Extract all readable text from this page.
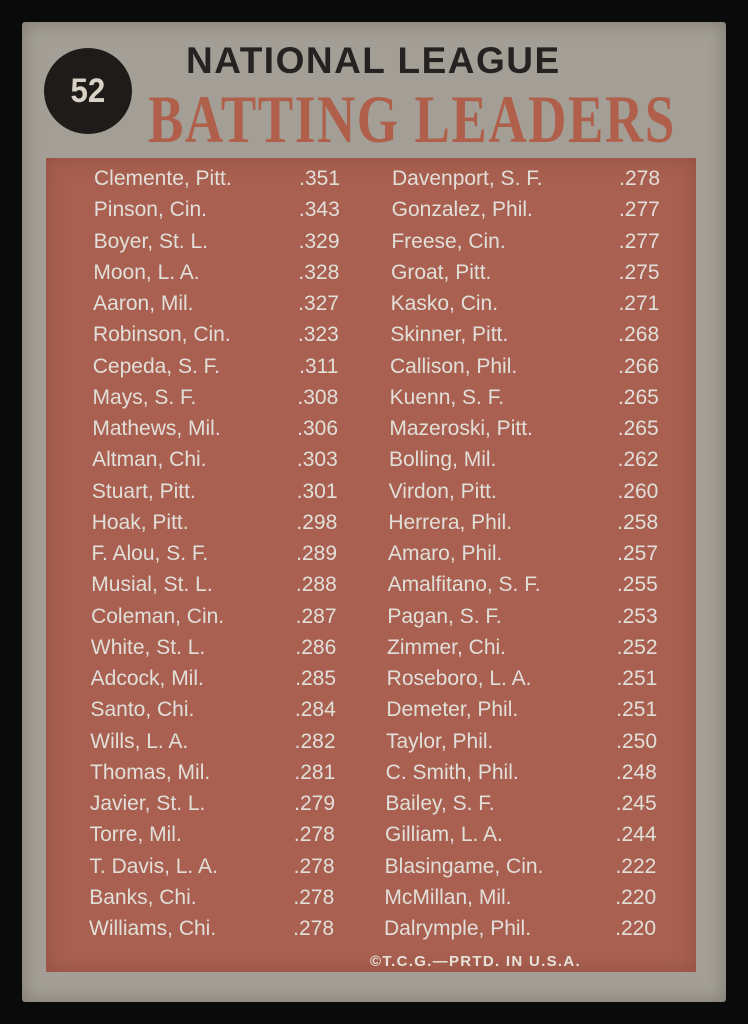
52
NATIONAL LEAGUE
BATTING LEADERS
Clemente, Pitt.	.351
Pinson, Cin.	.343
Boyer, St. L.	.329
Moon, L. A.	.328
Aaron, Mil.	.327
Robinson, Cin.	.323
Cepeda, S. F.	.311
Mays, S. F.	.308
Mathews, Mil.	.306
Altman, Chi.	.303
Stuart, Pitt.	.301
Hoak, Pitt.	.298
F. Alou, S. F.	.289
Musial, St. L.	.288
Coleman, Cin.	.287
White, St. L.	.286
Adcock, Mil.	.285
Santo, Chi.	.284
Wills, L. A.	.282
Thomas, Mil.	.281
Javier, St. L.	.279
Torre, Mil.	.278
T. Davis, L. A.	.278
Banks, Chi.	.278
Williams, Chi.	.278
Davenport, S. F.	.278
Gonzalez, Phil.	.277
Freese, Cin.	.277
Groat, Pitt.	.275
Kasko, Cin.	.271
Skinner, Pitt.	.268
Callison, Phil.	.266
Kuenn, S. F.	.265
Mazeroski, Pitt.	.265
Bolling, Mil.	.262
Virdon, Pitt.	.260
Herrera, Phil.	.258
Amaro, Phil.	.257
Amalfitano, S. F.	.255
Pagan, S. F.	.253
Zimmer, Chi.	.252
Roseboro, L. A.	.251
Demeter, Phil.	.251
Taylor, Phil.	.250
C. Smith, Phil.	.248
Bailey, S. F.	.245
Gilliam, L. A.	.244
Blasingame, Cin.	.222
McMillan, Mil.	.220
Dalrymple, Phil.	.220
©T.C.G.—PRTD. IN U.S.A.
